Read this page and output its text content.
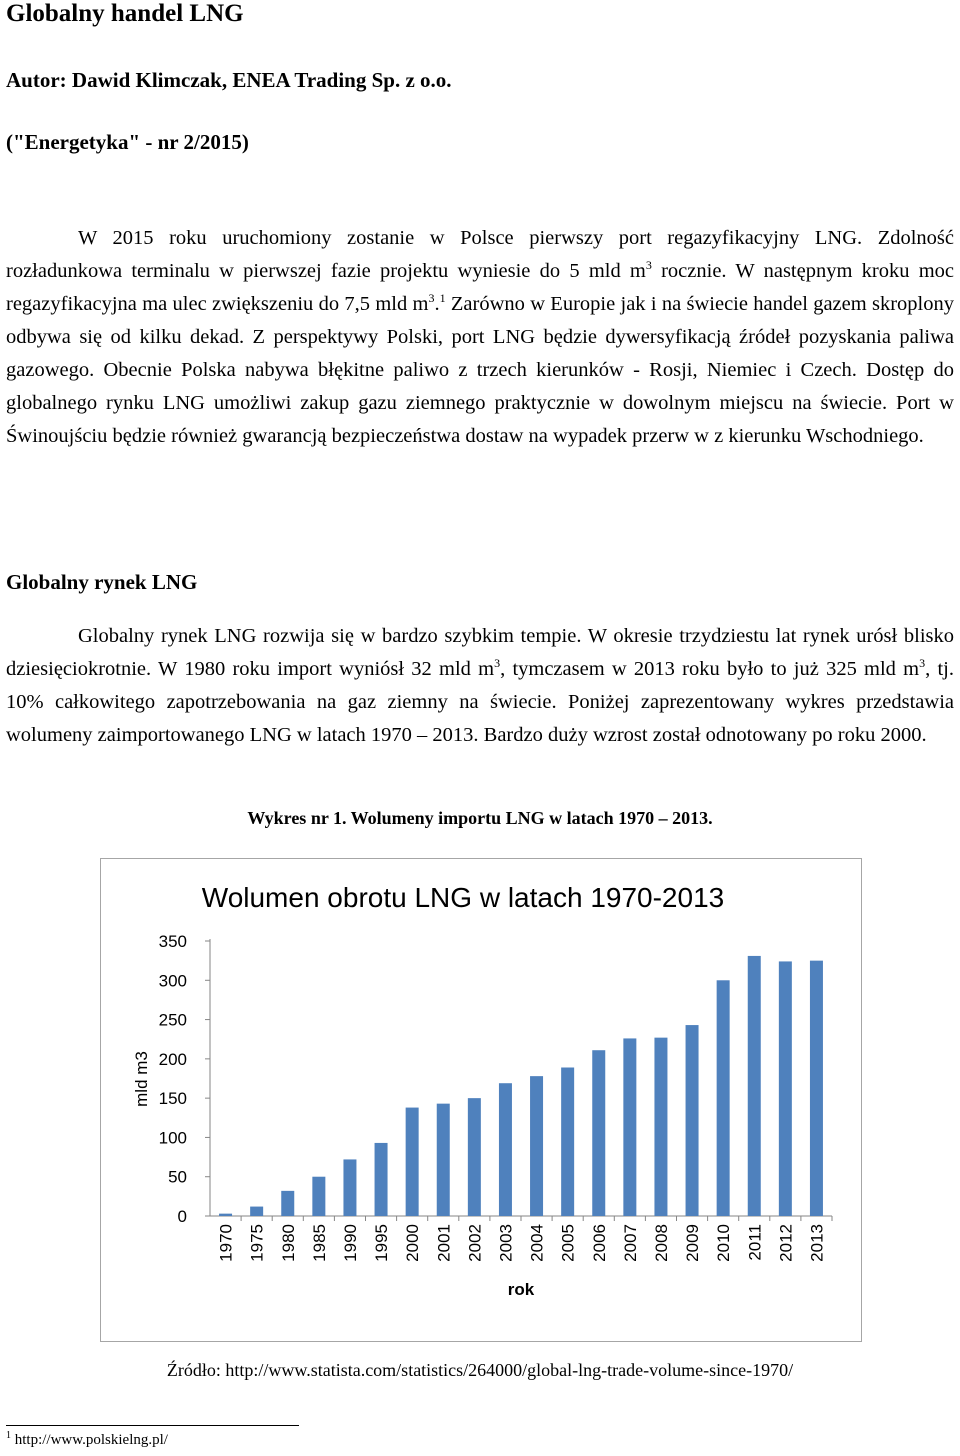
Globalny handel LNG
Autor: Dawid Klimczak, ENEA Trading Sp. z o.o.
("Energetyka" - nr 2/2015)

W 2015 roku uruchomiony zostanie w Polsce pierwszy port regazyfikacyjny LNG. Zdolność rozładunkowa terminalu w pierwszej fazie projektu wyniesie do 5 mld $m^3$ rocznie. W następnym kroku moc regazyfikacyjna ma ulec zwiększeniu do 7,5 mld $m^3.^1$ Zarówno w Europie jak i na świecie handel gazem skroplony odbywa się od kilku dekad. Z perspektywy Polski, port LNG będzie dywersyfikacją źródeł pozyskania paliwa gazowego. Obecnie Polska nabywa błękitne paliwo z trzech kierunków - Rosji, Niemiec i Czech. Dostęp do globalnego rynku LNG umożliwi zakup gazu ziemnego praktycznie w dowolnym miejscu na świecie. Port w Świnoujściu będzie również gwarancją bezpieczeństwa dostaw na wypadek przerw w z kierunku Wschodniego.

Globalny rynek LNG

Globalny rynek LNG rozwija się w bardzo szybkim tempie. W okresie trzydziestu lat rynek urósł blisko dziesięciokrotnie. W 1980 roku import wyniósł 32 mld $m^3$, tymczasem w 2013 roku było to już 325 mld $m^3$, tj. 10% całkowitego zapotrzebowania na gaz ziemny na świecie. Poniżej zaprezentowany wykres przedstawia wolumeny zaimportowanego LNG w latach 1970 – 2013. Bardzo duży wzrost został odnotowany po roku 2000.

Wykres nr 1. Wolumeny importu LNG w latach 1970 – 2013.
Wolumen obrotu LNG w latach 1970-2013
mld m3
rok
0
50
100
150
200
250
300
350
1970 1975 1980 1985 1990 1995 2000 2001 2002 2003 2004 2005 2006 2007 2008 2009 2010 2011 2012 2013
Źródło: http://www.statista.com/statistics/264000/global-lng-trade-volume-since-1970/
$^1$ http://www.polskielng.pl/
